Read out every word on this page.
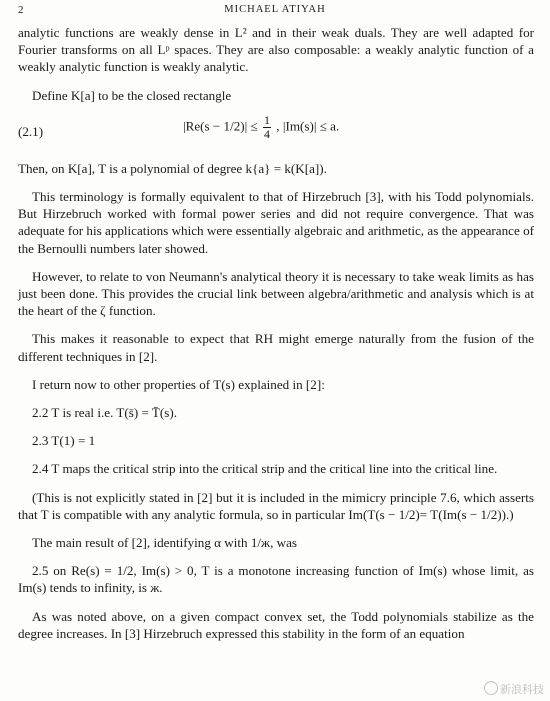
2	MICHAEL ATIYAH

analytic functions are weakly dense in L² and in their weak duals. They are well adapted for Fourier transforms on all Lᵖ spaces. They are also composable: a weakly analytic function of a weakly analytic function is weakly analytic.

Define K[a] to be the closed rectangle

(2.1)	$|Re(s - 1/2)| \le \frac{1}{4}$ , |Im(s)| ≤ a.

Then, on K[a], T is a polynomial of degree k{a} = k(K[a]).

This terminology is formally equivalent to that of Hirzebruch [3], with his Todd polynomials. But Hirzebruch worked with formal power series and did not require convergence. That was adequate for his applications which were essentially algebraic and arithmetic, as the appearance of the Bernoulli numbers later showed.

However, to relate to von Neumann's analytical theory it is necessary to take weak limits as has just been done. This provides the crucial link between algebra/arithmetic and analysis which is at the heart of the ζ function.

This makes it reasonable to expect that RH might emerge naturally from the fusion of the different techniques in [2].

I return now to other properties of T(s) explained in [2]:

2.2 T is real i.e. T(s̄) = T̄(s).

2.3 T(1) = 1

2.4 T maps the critical strip into the critical strip and the critical line into the critical line.

(This is not explicitly stated in [2] but it is included in the mimicry principle 7.6, which asserts that T is compatible with any analytic formula, so in particular Im(T(s − 1/2)= T(Im(s − 1/2)).)

The main result of [2], identifying α with 1/ж, was

2.5 on Re(s) = 1/2, Im(s) > 0, T is a monotone increasing function of Im(s) whose limit, as Im(s) tends to infinity, is ж.

As was noted above, on a given compact convex set, the Todd polynomials stabilize as the degree increases. In [3] Hirzebruch expressed this stability in the form of an equation

新浪科技
